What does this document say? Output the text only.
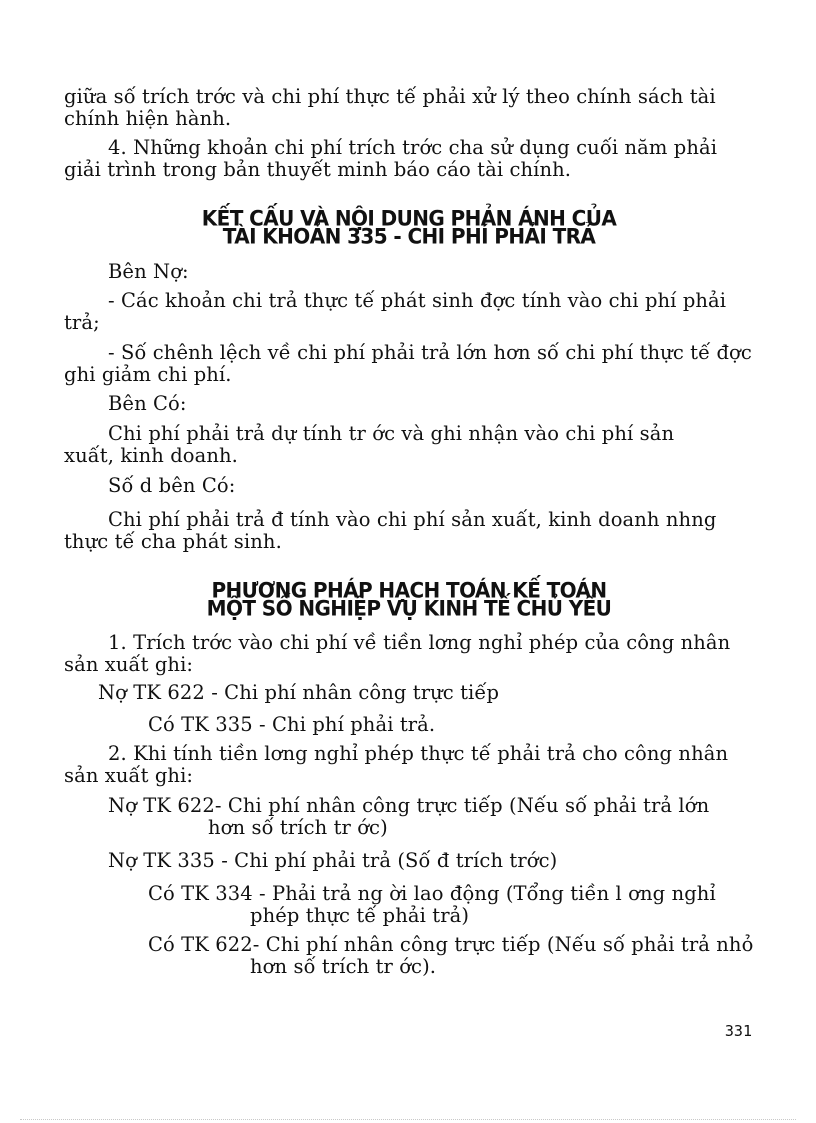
giữa số trích trớc và chi phí thực tế phải xử lý theo chính sách tài
chính hiện hành.
4. Những khoản chi phí trích trớc cha sử dụng cuối năm phải
giải trình trong bản thuyết minh báo cáo tài chính.
KẾT CẤU VÀ NỘI DUNG PHẢN ÁNH CỦA
TÀI KHOẢN 335 - CHI PHÍ PHẢI TRẢ
Bên Nợ:
- Các khoản chi trả thực tế phát sinh đợc tính vào chi phí phải
trả;
- Số chênh lệch về chi phí phải trả lớn hơn số chi phí thực tế đợc
ghi giảm chi phí.
Bên Có:
Chi phí phải trả dự tính tr ớc và ghi nhận vào chi phí sản
xuất, kinh doanh.
Số d bên Có:
Chi phí phải trả đ tính vào chi phí sản xuất, kinh doanh nhng
thực tế cha phát sinh.
PHƯƠNG PHÁP HẠCH TOÁN KẾ TOÁN
MỘT SỐ NGHIỆP VỤ KINH TẾ CHỦ YẾU
1. Trích trớc vào chi phí về tiền lơng nghỉ phép của công nhân
sản xuất ghi:
Nợ TK 622 - Chi phí nhân công trực tiếp
Có TK 335 - Chi phí phải trả.
2. Khi tính tiền lơng nghỉ phép thực tế phải trả cho công nhân
sản xuất ghi:
Nợ TK 622- Chi phí nhân công trực tiếp (Nếu số phải trả lớn
hơn số trích tr ớc)
Nợ TK 335 - Chi phí phải trả (Số đ trích trớc)
Có TK 334 - Phải trả ng ời lao động (Tổng tiền l ơng nghỉ
phép thực tế phải trả)
Có TK 622- Chi phí nhân công trực tiếp (Nếu số phải trả nhỏ
hơn số trích tr ớc).
331
